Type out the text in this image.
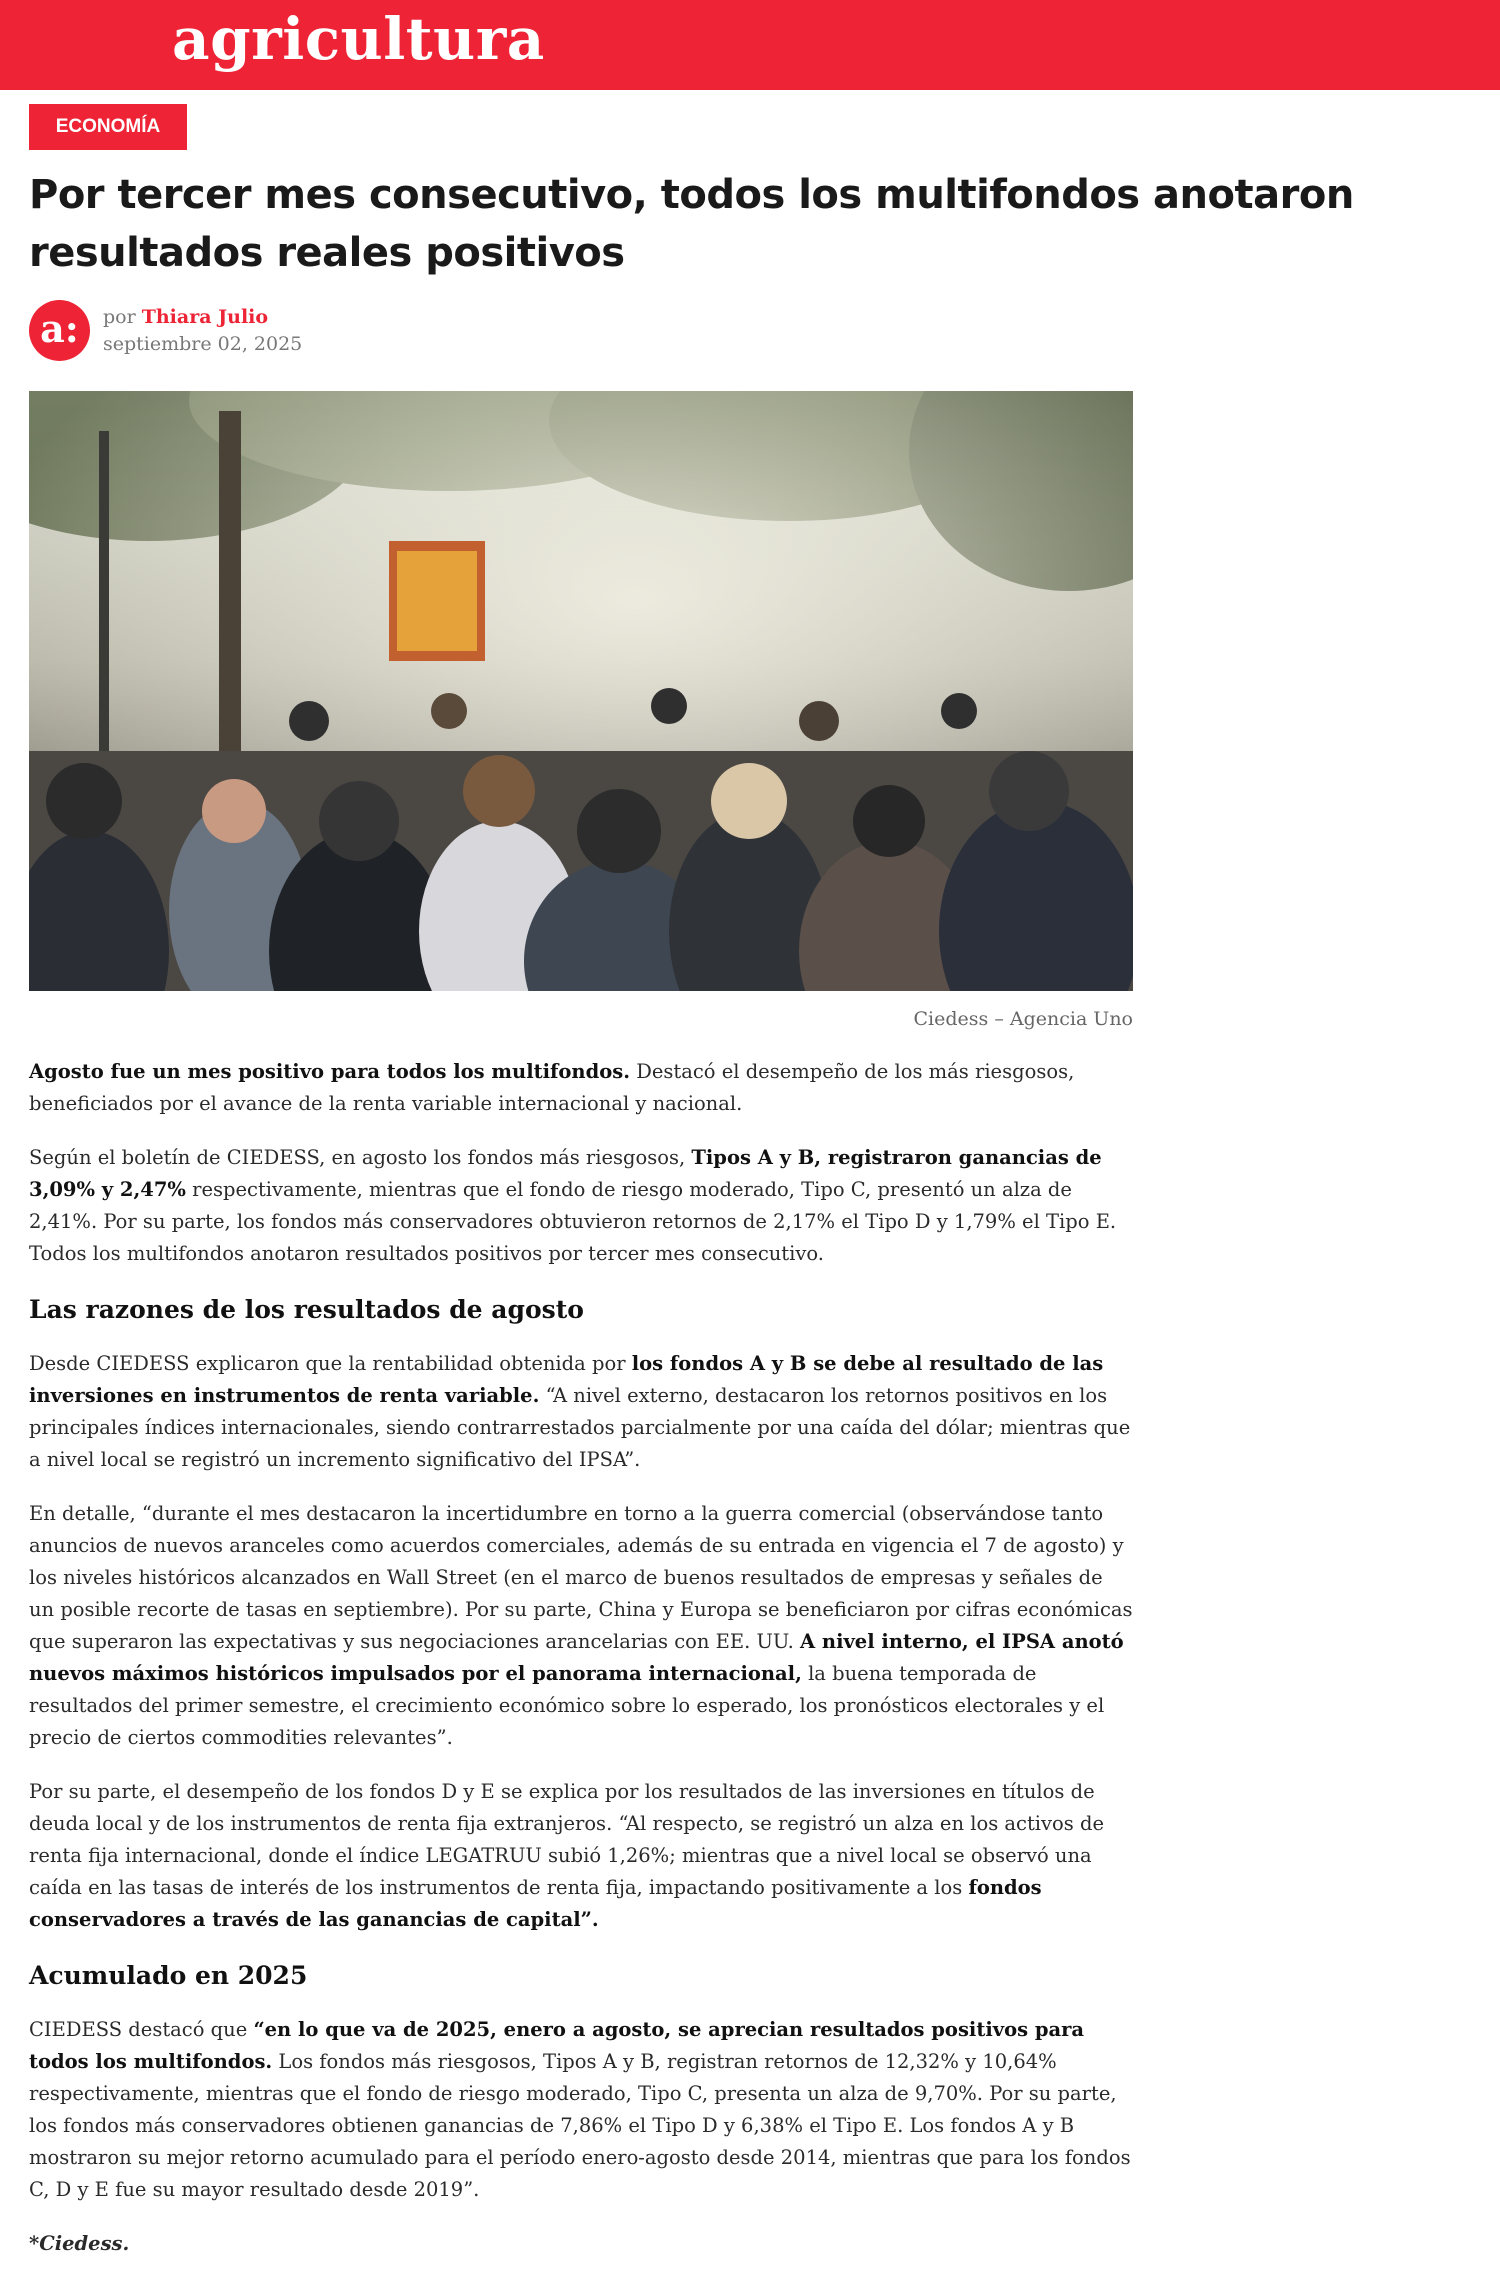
agricultura
ECONOMÍA
Por tercer mes consecutivo, todos los multifondos anotaron resultados reales positivos
a:	por Thiara Julio
septiembre 02, 2025
Ciedess – Agencia Uno

Agosto fue un mes positivo para todos los multifondos. Destacó el desempeño de los más riesgosos, beneficiados por el avance de la renta variable internacional y nacional.

Según el boletín de CIEDESS, en agosto los fondos más riesgosos, Tipos A y B, registraron ganancias de 3,09% y 2,47% respectivamente, mientras que el fondo de riesgo moderado, Tipo C, presentó un alza de 2,41%. Por su parte, los fondos más conservadores obtuvieron retornos de 2,17% el Tipo D y 1,79% el Tipo E. Todos los multifondos anotaron resultados positivos por tercer mes consecutivo.

Las razones de los resultados de agosto

Desde CIEDESS explicaron que la rentabilidad obtenida por los fondos A y B se debe al resultado de las inversiones en instrumentos de renta variable. “A nivel externo, destacaron los retornos positivos en los principales índices internacionales, siendo contrarrestados parcialmente por una caída del dólar; mientras que a nivel local se registró un incremento significativo del IPSA”.

En detalle, “durante el mes destacaron la incertidumbre en torno a la guerra comercial (observándose tanto anuncios de nuevos aranceles como acuerdos comerciales, además de su entrada en vigencia el 7 de agosto) y los niveles históricos alcanzados en Wall Street (en el marco de buenos resultados de empresas y señales de un posible recorte de tasas en septiembre). Por su parte, China y Europa se beneficiaron por cifras económicas que superaron las expectativas y sus negociaciones arancelarias con EE. UU. A nivel interno, el IPSA anotó nuevos máximos históricos impulsados por el panorama internacional, la buena temporada de resultados del primer semestre, el crecimiento económico sobre lo esperado, los pronósticos electorales y el precio de ciertos commodities relevantes”.

Por su parte, el desempeño de los fondos D y E se explica por los resultados de las inversiones en títulos de deuda local y de los instrumentos de renta fija extranjeros. “Al respecto, se registró un alza en los activos de renta fija internacional, donde el índice LEGATRUU subió 1,26%; mientras que a nivel local se observó una caída en las tasas de interés de los instrumentos de renta fija, impactando positivamente a los fondos conservadores a través de las ganancias de capital”.

Acumulado en 2025

CIEDESS destacó que “en lo que va de 2025, enero a agosto, se aprecian resultados positivos para todos los multifondos. Los fondos más riesgosos, Tipos A y B, registran retornos de 12,32% y 10,64% respectivamente, mientras que el fondo de riesgo moderado, Tipo C, presenta un alza de 9,70%. Por su parte, los fondos más conservadores obtienen ganancias de 7,86% el Tipo D y 6,38% el Tipo E. Los fondos A y B mostraron su mejor retorno acumulado para el período enero-agosto desde 2014, mientras que para los fondos C, D y E fue su mayor resultado desde 2019”.

*Ciedess.
